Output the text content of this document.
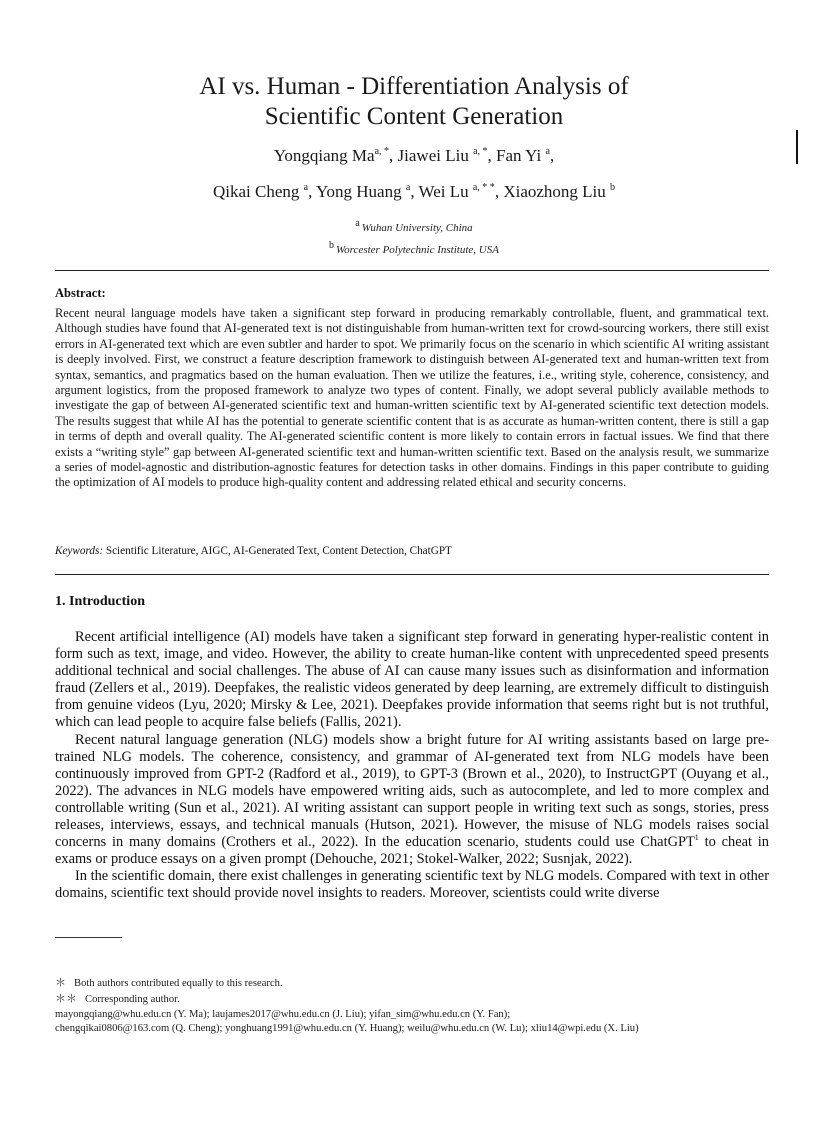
AI vs. Human - Differentiation Analysis of
Scientific Content Generation
Yongqiang $Ma^{a, *}$, Jiawei Liu $^{a, *}$, Fan Yi $^a$,
Qikai Cheng $^a$, Yong Huang $^a$, Wei Lu $^{a, * *}$, Xiaozhong Liu $^b$
$^a$ Wuhan University, China
$^b$ Worcester Polytechnic Institute, USA
Abstract:

Recent neural language models have taken a significant step forward in producing remarkably controllable, fluent, and grammatical text. Although studies have found that AI-generated text is not distinguishable from human-written text for crowd-sourcing workers, there still exist errors in AI-generated text which are even subtler and harder to spot. We primarily focus on the scenario in which scientific AI writing assistant is deeply involved. First, we construct a feature description framework to distinguish between AI-generated text and human-written text from syntax, semantics, and pragmatics based on the human evaluation. Then we utilize the features, i.e., writing style, coherence, consistency, and argument logistics, from the proposed framework to analyze two types of content. Finally, we adopt several publicly available methods to investigate the gap of between AI-generated scientific text and human-written scientific text by AI-generated scientific text detection models. The results suggest that while AI has the potential to generate scientific content that is as accurate as human-written content, there is still a gap in terms of depth and overall quality. The AI-generated scientific content is more likely to contain errors in factual issues. We find that there exists a “writing style” gap between AI-generated scientific text and human-written scientific text. Based on the analysis result, we summarize a series of model-agnostic and distribution-agnostic features for detection tasks in other domains. Findings in this paper contribute to guiding the optimization of AI models to produce high-quality content and addressing related ethical and security concerns.

Keywords: Scientific Literature, AIGC, AI-Generated Text, Content Detection, ChatGPT
1. Introduction

Recent artificial intelligence (AI) models have taken a significant step forward in generating hyper-realistic content in form such as text, image, and video. However, the ability to create human-like content with unprecedented speed presents additional technical and social challenges. The abuse of AI can cause many issues such as disinformation and information fraud (Zellers et al., 2019). Deepfakes, the realistic videos generated by deep learning, are extremely difficult to distinguish from genuine videos (Lyu, 2020; Mirsky & Lee, 2021). Deepfakes provide information that seems right but is not truthful, which can lead people to acquire false beliefs (Fallis, 2021).

Recent natural language generation (NLG) models show a bright future for AI writing assistants based on large pre-trained NLG models. The coherence, consistency, and grammar of AI-generated text from NLG models have been continuously improved from GPT-2 (Radford et al., 2019), to GPT-3 (Brown et al., 2020), to InstructGPT (Ouyang et al., 2022). The advances in NLG models have empowered writing aids, such as autocomplete, and led to more complex and controllable writing (Sun et al., 2021). AI writing assistant can support people in writing text such as songs, stories, press releases, interviews, essays, and technical manuals (Hutson, 2021). However, the misuse of NLG models raises social concerns in many domains (Crothers et al., 2022). In the education scenario, students could use ChatGPT$^1$ to cheat in exams or produce essays on a given prompt (Dehouche, 2021; Stokel-Walker, 2022; Susnjak, 2022).

In the scientific domain, there exist challenges in generating scientific text by NLG models. Compared with text in other domains, scientific text should provide novel insights to readers. Moreover, scientists could write diverse

＊ Both authors contributed equally to this research.
＊＊ Corresponding author.
mayongqiang@whu.edu.cn (Y. Ma); laujames2017@whu.edu.cn (J. Liu); yifan_sim@whu.edu.cn (Y. Fan);
chengqikai0806@163.com (Q. Cheng); yonghuang1991@whu.edu.cn (Y. Huang); weilu@whu.edu.cn (W. Lu); xliu14@wpi.edu (X. Liu)
